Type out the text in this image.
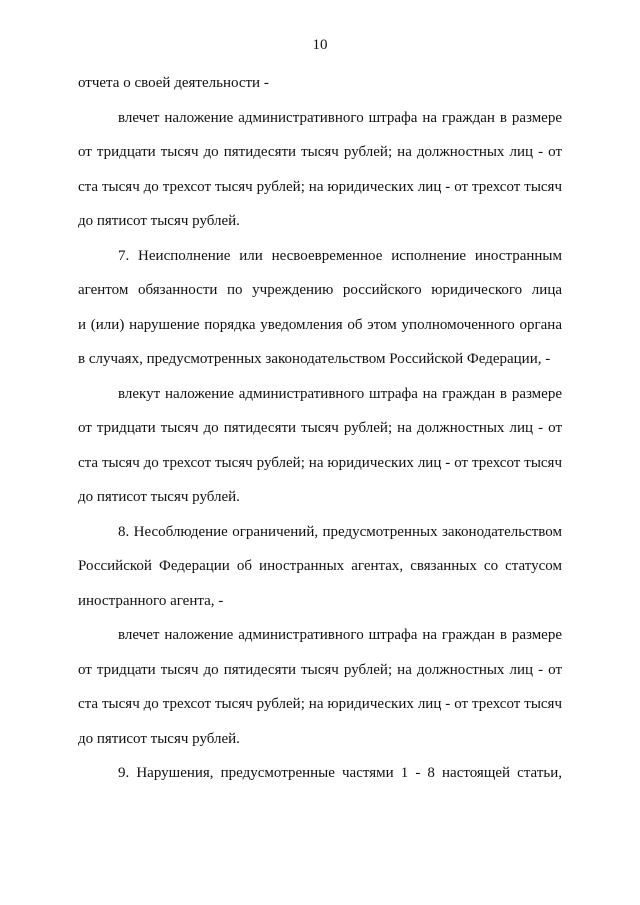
10
отчета о своей деятельности -
влечет наложение административного штрафа на граждан в размере
от тридцати тысяч до пятидесяти тысяч рублей; на должностных лиц - от
ста тысяч до трехсот тысяч рублей; на юридических лиц - от трехсот тысяч
до пятисот тысяч рублей.
7. Неисполнение или несвоевременное исполнение иностранным
агентом обязанности по учреждению российского юридического лица
и (или) нарушение порядка уведомления об этом уполномоченного органа
в случаях, предусмотренных законодательством Российской Федерации, -
влекут наложение административного штрафа на граждан в размере
от тридцати тысяч до пятидесяти тысяч рублей; на должностных лиц - от
ста тысяч до трехсот тысяч рублей; на юридических лиц - от трехсот тысяч
до пятисот тысяч рублей.
8. Несоблюдение ограничений, предусмотренных законодательством
Российской Федерации об иностранных агентах, связанных со статусом
иностранного агента, -
влечет наложение административного штрафа на граждан в размере
от тридцати тысяч до пятидесяти тысяч рублей; на должностных лиц - от
ста тысяч до трехсот тысяч рублей; на юридических лиц - от трехсот тысяч
до пятисот тысяч рублей.
9. Нарушения, предусмотренные частями 1 - 8 настоящей статьи,
